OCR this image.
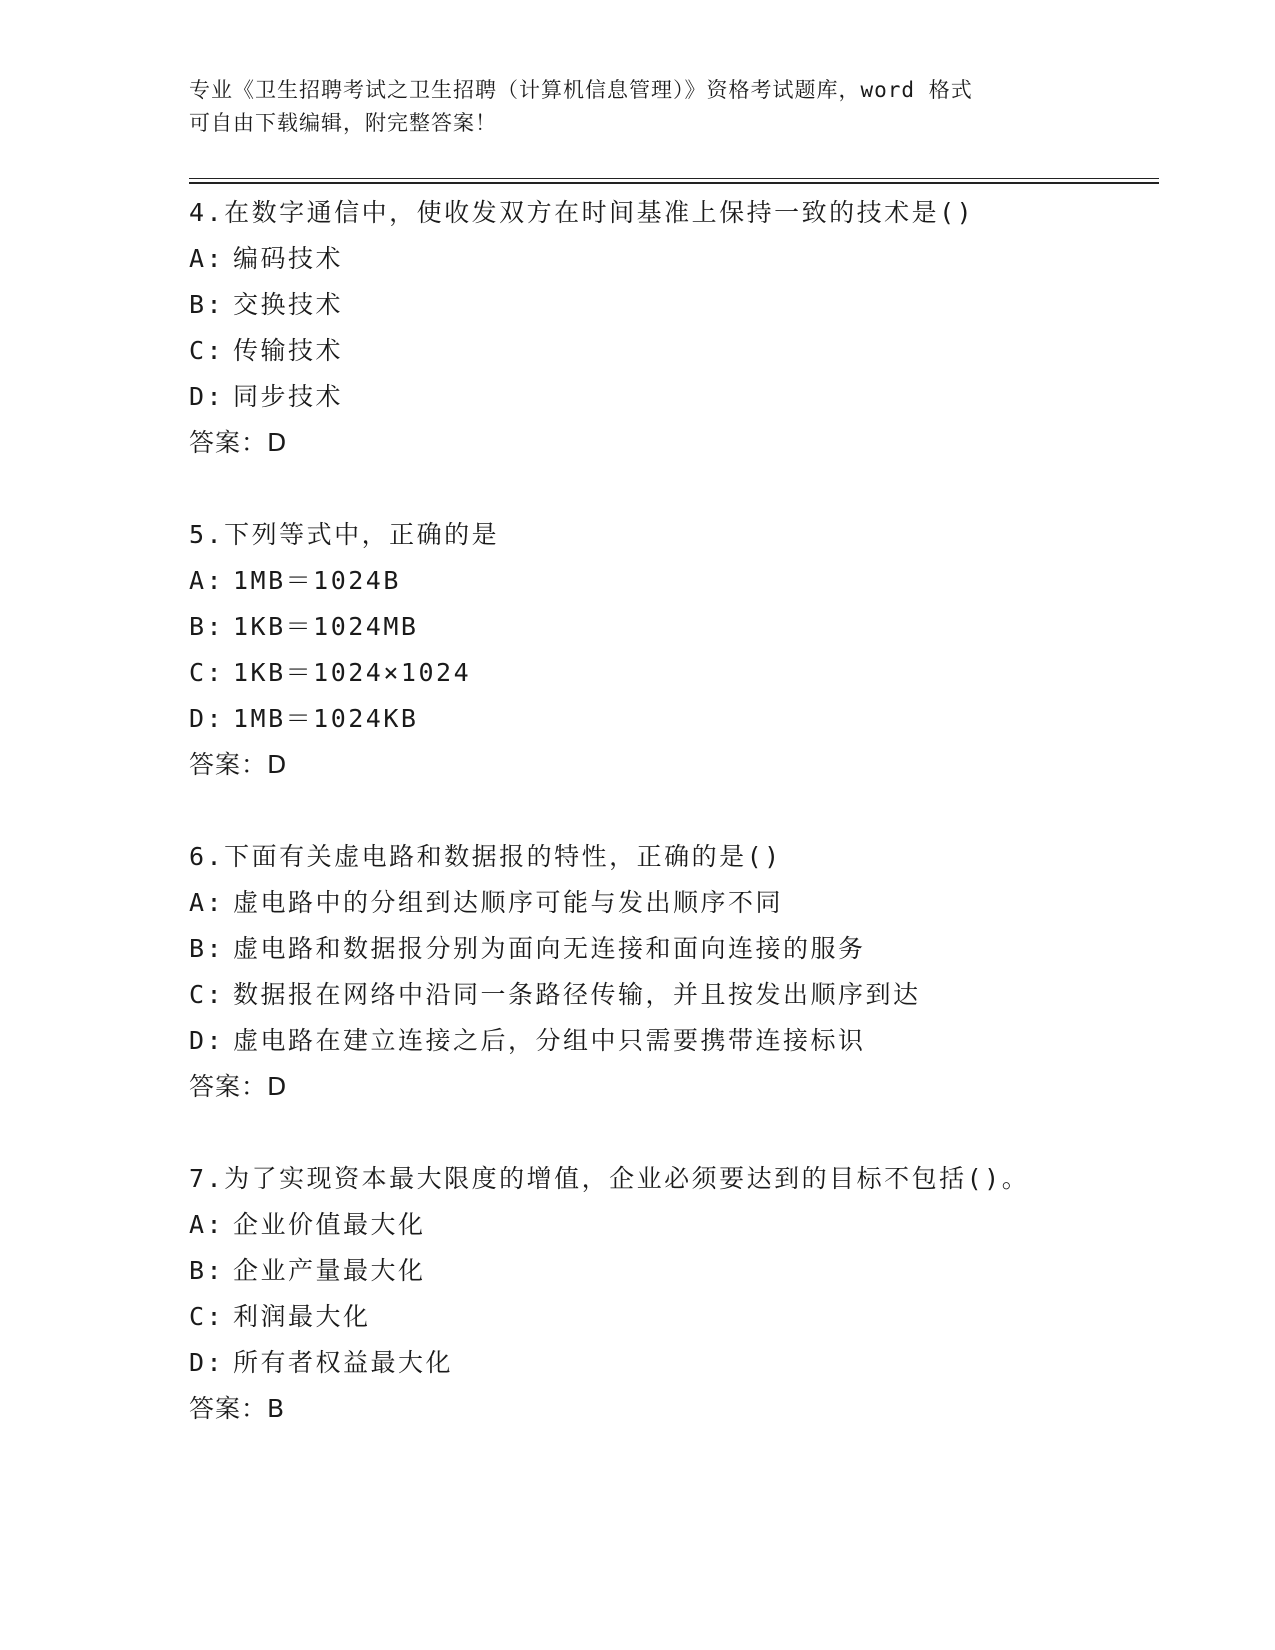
专业《卫生招聘考试之卫生招聘（计算机信息管理）》资格考试题库，word 格式
可自由下载编辑，附完整答案！
4.在数字通信中，使收发双方在时间基准上保持一致的技术是()
A: 编码技术
B: 交换技术
C: 传输技术
D: 同步技术
答案：D
5.下列等式中，正确的是
A: 1MB＝1024B
B: 1KB＝1024MB
C: 1KB＝1024×1024
D: 1MB＝1024KB
答案：D
6.下面有关虚电路和数据报的特性，正确的是()
A: 虚电路中的分组到达顺序可能与发出顺序不同
B: 虚电路和数据报分别为面向无连接和面向连接的服务
C: 数据报在网络中沿同一条路径传输，并且按发出顺序到达
D: 虚电路在建立连接之后，分组中只需要携带连接标识
答案：D
7.为了实现资本最大限度的增值，企业必须要达到的目标不包括()。
A: 企业价值最大化
B: 企业产量最大化
C: 利润最大化
D: 所有者权益最大化
答案：B
